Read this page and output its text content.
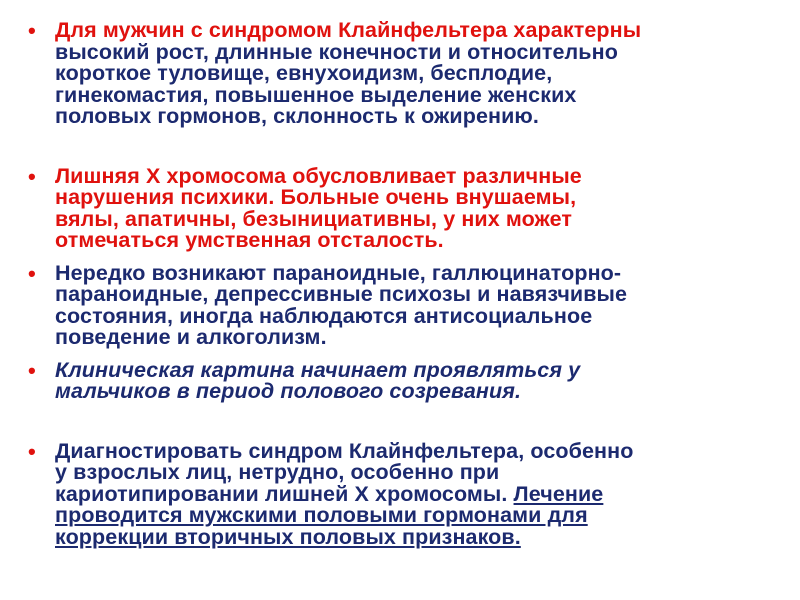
• Для мужчин с синдромом Клайнфельтера характерны
высокий рост, длинные конечности и относительно
короткое туловище, евнухоидизм, бесплодие,
гинекомастия, повышенное выделение женских
половых гормонов, склонность к ожирению.
• Лишняя Х хромосома обусловливает различные
нарушения психики. Больные очень внушаемы,
вялы, апатичны, безынициативны, у них может
отмечаться умственная отсталость.
• Нередко возникают параноидные, галлюцинаторно-
параноидные, депрессивные психозы и навязчивые
состояния, иногда наблюдаются антисоциальное
поведение и алкоголизм.
• Клиническая картина начинает проявляться у
мальчиков в период полового созревания.
• Диагностировать синдром Клайнфельтера, особенно
у взрослых лиц, нетрудно, особенно при
кариотипировании лишней Х хромосомы. Лечение
проводится мужскими половыми гормонами для
коррекции вторичных половых признаков.
